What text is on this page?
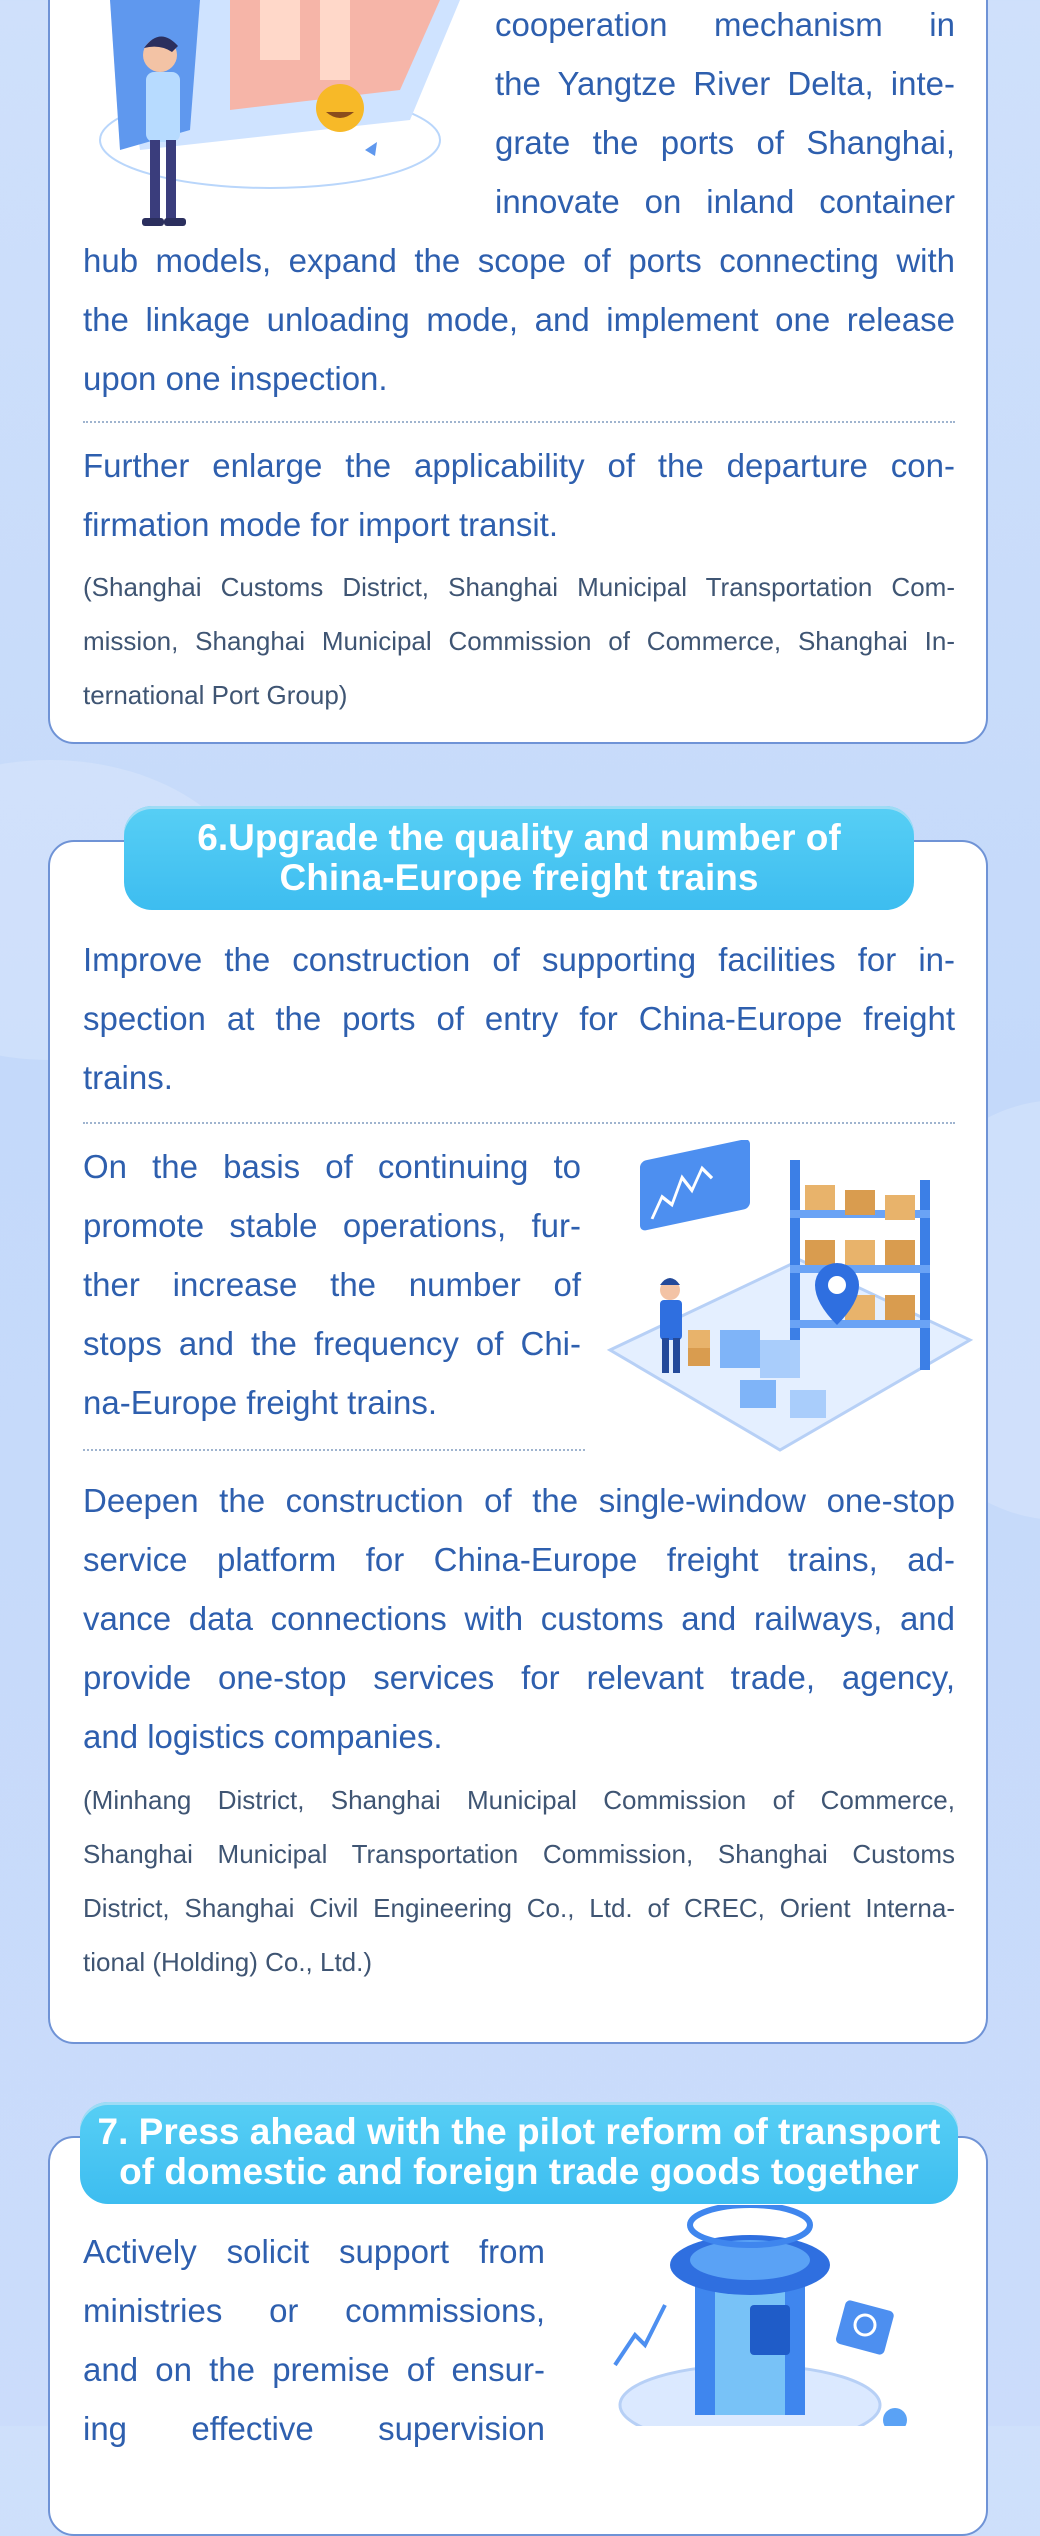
cooperation mechanism in
the Yangtze River Delta, inte-
grate the ports of Shanghai,
innovate on inland container
hub models, expand the scope of ports connecting with
the linkage unloading mode, and implement one release
upon one inspection.
Further enlarge the applicability of the departure con-
firmation mode for import transit.
(Shanghai Customs District, Shanghai Municipal Transportation Com-
mission, Shanghai Municipal Commission of Commerce, Shanghai In-
ternational Port Group)
6.Upgrade the quality and number of
China-Europe freight trains
Improve the construction of supporting facilities for in-
spection at the ports of entry for China-Europe freight
trains.
On the basis of continuing to
promote stable operations, fur-
ther increase the number of
stops and the frequency of Chi-
na-Europe freight trains.
Deepen the construction of the single-window one-stop
service platform for China-Europe freight trains, ad-
vance data connections with customs and railways, and
provide one-stop services for relevant trade, agency,
and logistics companies.
(Minhang District, Shanghai Municipal Commission of Commerce,
Shanghai Municipal Transportation Commission, Shanghai Customs
District, Shanghai Civil Engineering Co., Ltd. of CREC, Orient Interna-
tional (Holding) Co., Ltd.)
7. Press ahead with the pilot reform of transport
of domestic and foreign trade goods together
Actively solicit support from
ministries or commissions,
and on the premise of ensur-
ing effective supervision
